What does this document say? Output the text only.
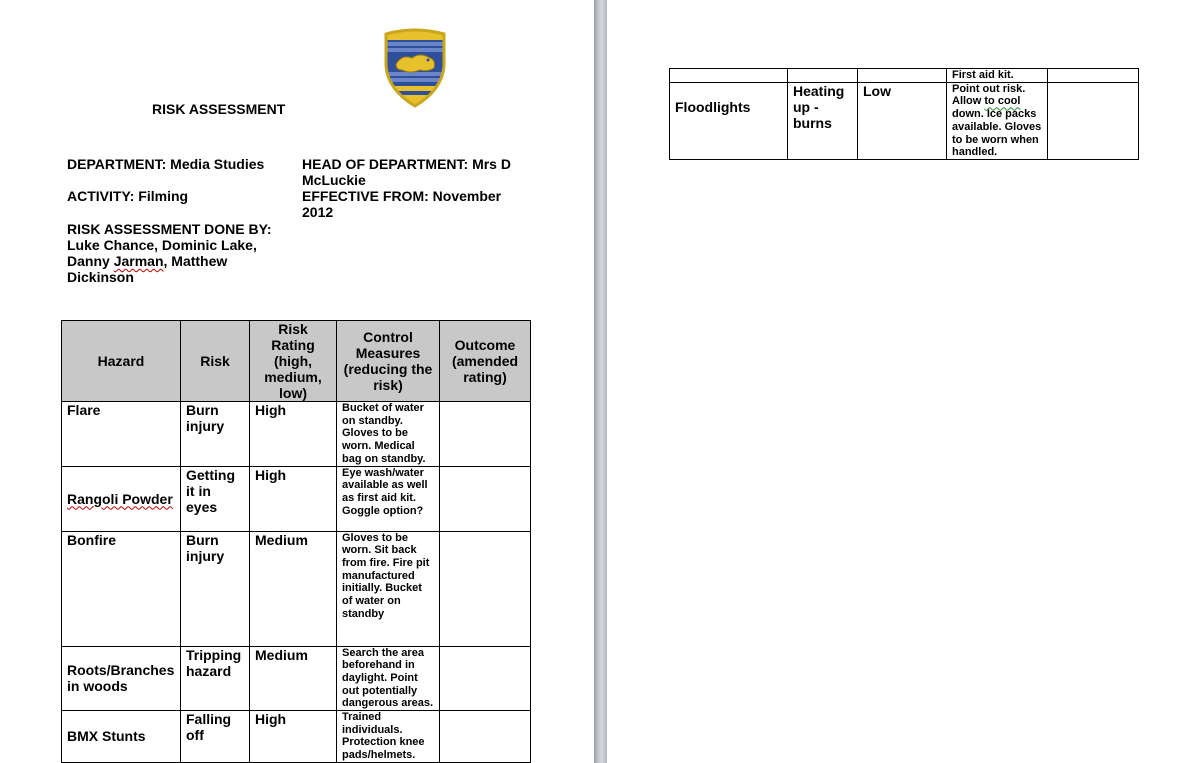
RISK ASSESSMENT
DEPARTMENT: Media Studies	HEAD OF DEPARTMENT: Mrs D McLuckie
ACTIVITY: Filming	EFFECTIVE FROM: November 2012
RISK ASSESSMENT DONE BY:
Luke Chance, Dominic Lake, Danny Jarman, Matthew Dickinson
Hazard	Risk	Risk Rating (high, medium, low)	Control Measures (reducing the risk)	Outcome (amended rating)
Flare	Burn injury	High	Bucket of water on standby. Gloves to be worn. Medical bag on standby.	
Rangoli Powder	Getting it in eyes	High	Eye wash/water available as well as first aid kit. Goggle option?	
Bonfire	Burn injury	Medium	Gloves to be worn. Sit back from fire. Fire pit manufactured initially. Bucket of water on standby	
Roots/Branches in woods	Tripping hazard	Medium	Search the area beforehand in daylight. Point out potentially dangerous areas.	
BMX Stunts	Falling off	High	Trained individuals. Protection knee pads/helmets.	
			First aid kit.	
Floodlights	Heating up - burns	Low	Point out risk. Allow to cool down. Ice packs available. Gloves to be worn when handled.	
